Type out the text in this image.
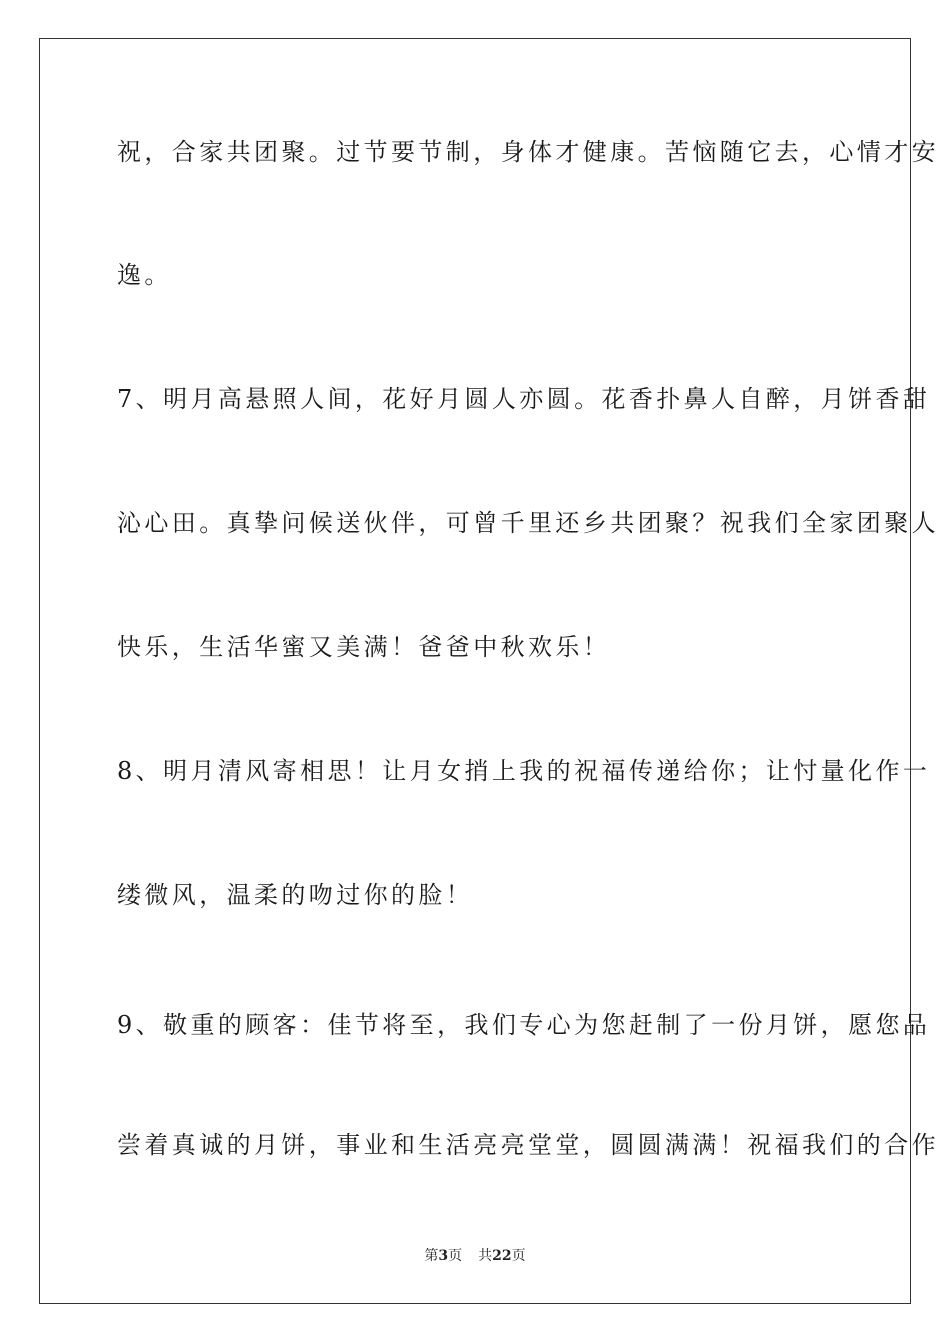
祝，合家共团聚。过节要节制，身体才健康。苦恼随它去，心情才安
逸。
7、明月高悬照人间，花好月圆人亦圆。花香扑鼻人自醉，月饼香甜
沁心田。真挚问候送伙伴，可曾千里还乡共团聚？祝我们全家团聚人
快乐，生活华蜜又美满！爸爸中秋欢乐！
8、明月清风寄相思！让月女捎上我的祝福传递给你；让忖量化作一
缕微风，温柔的吻过你的脸！
9、敬重的顾客：佳节将至，我们专心为您赶制了一份月饼，愿您品
尝着真诚的月饼，事业和生活亮亮堂堂，圆圆满满！祝福我们的合作
第3页 共22页
